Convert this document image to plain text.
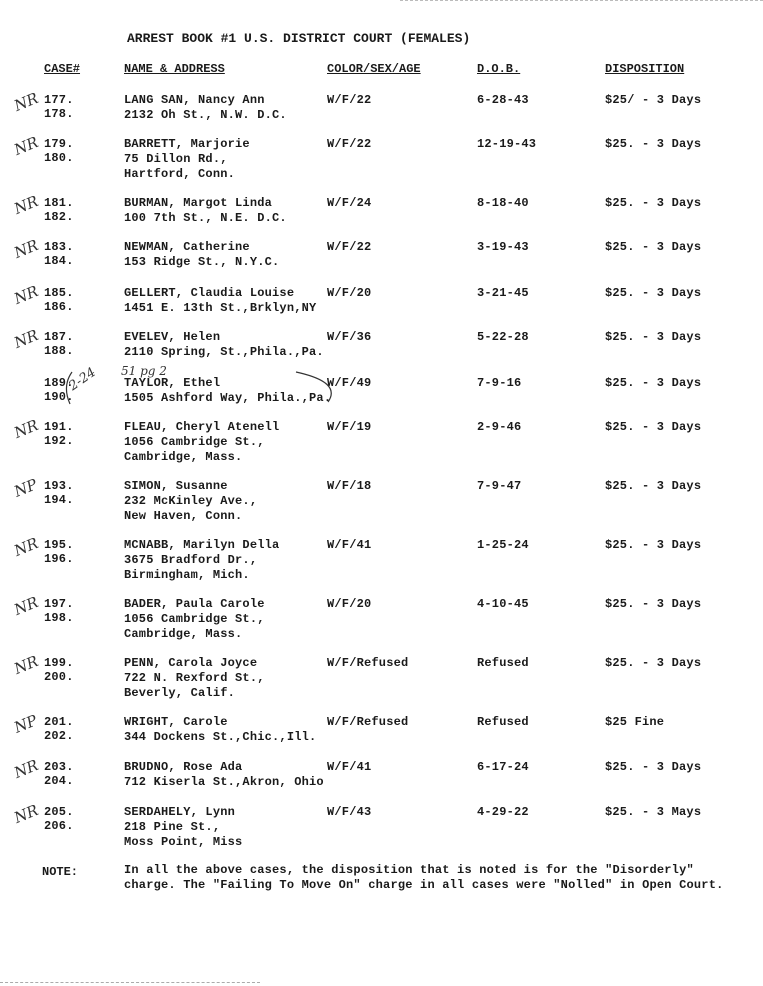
ARREST BOOK #1 U.S. DISTRICT COURT (FEMALES)
CASE#	NAME & ADDRESS	COLOR/SEX/AGE	D.O.B.	DISPOSITION
NR 177.
178.
LANG SAN, Nancy Ann
2132 Oh St., N.W. D.C.
W/F/22	6-28-43	$25/ - 3 Days
NR 179.
180.
BARRETT, Marjorie
75 Dillon Rd.,
Hartford, Conn.
W/F/22	12-19-43	$25. - 3 Days
NR 181.
182.
BURMAN, Margot Linda
100 7th St., N.E. D.C.
W/F/24	8-18-40	$25. - 3 Days
NR 183.
184.
NEWMAN, Catherine
153 Ridge St., N.Y.C.
W/F/22	3-19-43	$25. - 3 Days
NR 185.
186.
GELLERT, Claudia Louise
1451 E. 13th St.,Brklyn,NY
W/F/20	3-21-45	$25. - 3 Days
NR 187.
188.
EVELEV, Helen
2110 Spring, St.,Phila.,Pa.
W/F/36	5-22-28	$25. - 3 Days
2-24
189.
190.
TAYLOR, Ethel
1505 Ashford Way, Phila.,Pa.
W/F/49	7-9-16	$25. - 3 Days
51 pg 2
NR 191.
192.
FLEAU, Cheryl Atenell
1056 Cambridge St.,
Cambridge, Mass.
W/F/19	2-9-46	$25. - 3 Days
NP 193.
194.
SIMON, Susanne
232 McKinley Ave.,
New Haven, Conn.
W/F/18	7-9-47	$25. - 3 Days
NR 195.
196.
MCNABB, Marilyn Della
3675 Bradford Dr.,
Birmingham, Mich.
W/F/41	1-25-24	$25. - 3 Days
NR 197.
198.
BADER, Paula Carole
1056 Cambridge St.,
Cambridge, Mass.
W/F/20	4-10-45	$25. - 3 Days
NR 199.
200.
PENN, Carola Joyce
722 N. Rexford St.,
Beverly, Calif.
W/F/Refused	Refused	$25. - 3 Days
NP 201.
202.
WRIGHT, Carole
344 Dockens St.,Chic.,Ill.
W/F/Refused	Refused	$25 Fine
NR 203.
204.
BRUDNO, Rose Ada
712 Kiserla St.,Akron, Ohio
W/F/41	6-17-24	$25. - 3 Days
NR 205.
206.
SERDAHELY, Lynn
218 Pine St.,
Moss Point, Miss
W/F/43	4-29-22	$25. - 3 Mays
NOTE:	In all the above cases, the disposition that is noted is for the "Disorderly" charge. The "Failing To Move On" charge in all cases were "Nolled" in Open Court.
